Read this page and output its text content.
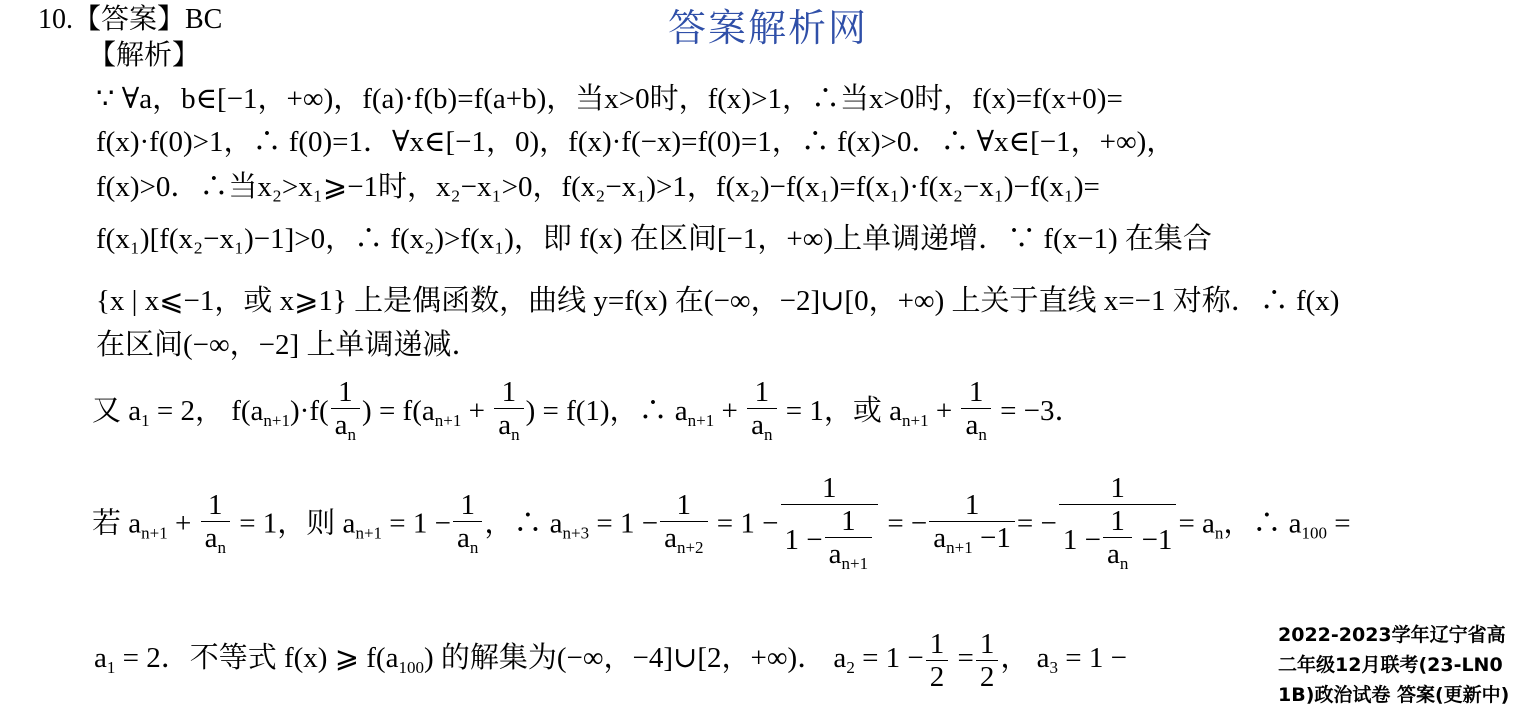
答案解析网
10.【答案】BC
【解析】
∵ ∀a，b∈[−1，+∞)，f(a)·f(b)=f(a+b)，当x>0时，f(x)>1，∴当x>0时，f(x)=f(x+0)=
f(x)·f(0)>1，∴ f(0)=1．∀x∈[−1，0)，f(x)·f(−x)=f(0)=1，∴ f(x)>0．∴ ∀x∈[−1，+∞)，
f(x)>0．∴当x₂>x₁⩾−1时，x₂−x₁>0，f(x₂−x₁)>1，f(x₂)−f(x₁)=f(x₁)·f(x₂−x₁)−f(x₁)=
f(x₁)[f(x₂−x₁)−1]>0，∴ f(x₂)>f(x₁)，即 f(x) 在区间[−1，+∞)上单调递增．∵ f(x−1) 在集合
{x | x⩽−1，或 x⩾1} 上是偶函数，曲线 y=f(x) 在(−∞，−2]∪[0，+∞) 上关于直线 x=−1 对称．∴ f(x)
在区间(−∞，−2] 上单调递减．
又 $a_1 = 2$， $f(a_{n+1})\cdot f( \frac{1}{a_n}$ ) = $f(a_{n+1} + \frac{1}{a_n}$ ) = f(1)，∴ $a_{n+1} + \frac{1}{a_n} = 1$，或 $a_{n+1} + \frac{1}{a_n} = -3$．
若 $a_{n+1} + \frac{1}{a_n} = 1$，则 $a_{n+1} = 1 - \frac{1}{a_n}$ ，∴ $a_{n+3} = 1 - \frac{1}{a_{n+2}} = 1 - \frac{1}{1 - \frac{1}{a_{n+1}}}$ = − $\frac{1}{a_{n+1} -1}$ = − $\frac{1}{1 - \frac{1}{a_n} -1} = a_n$，∴ $a_{100}$ =
$a_1 = 2$．不等式 f(x) ⩾ $f(a_{100})$ 的解集为(−∞，−4]∪[2，+∞)． $a_2 = 1 - \frac{1}{2} = \frac{1}{2}$ ， $a_3 = 1$ −
2022-2023学年辽宁省高
二年级12月联考(23-LN0
1B)政治试卷 答案(更新中)
